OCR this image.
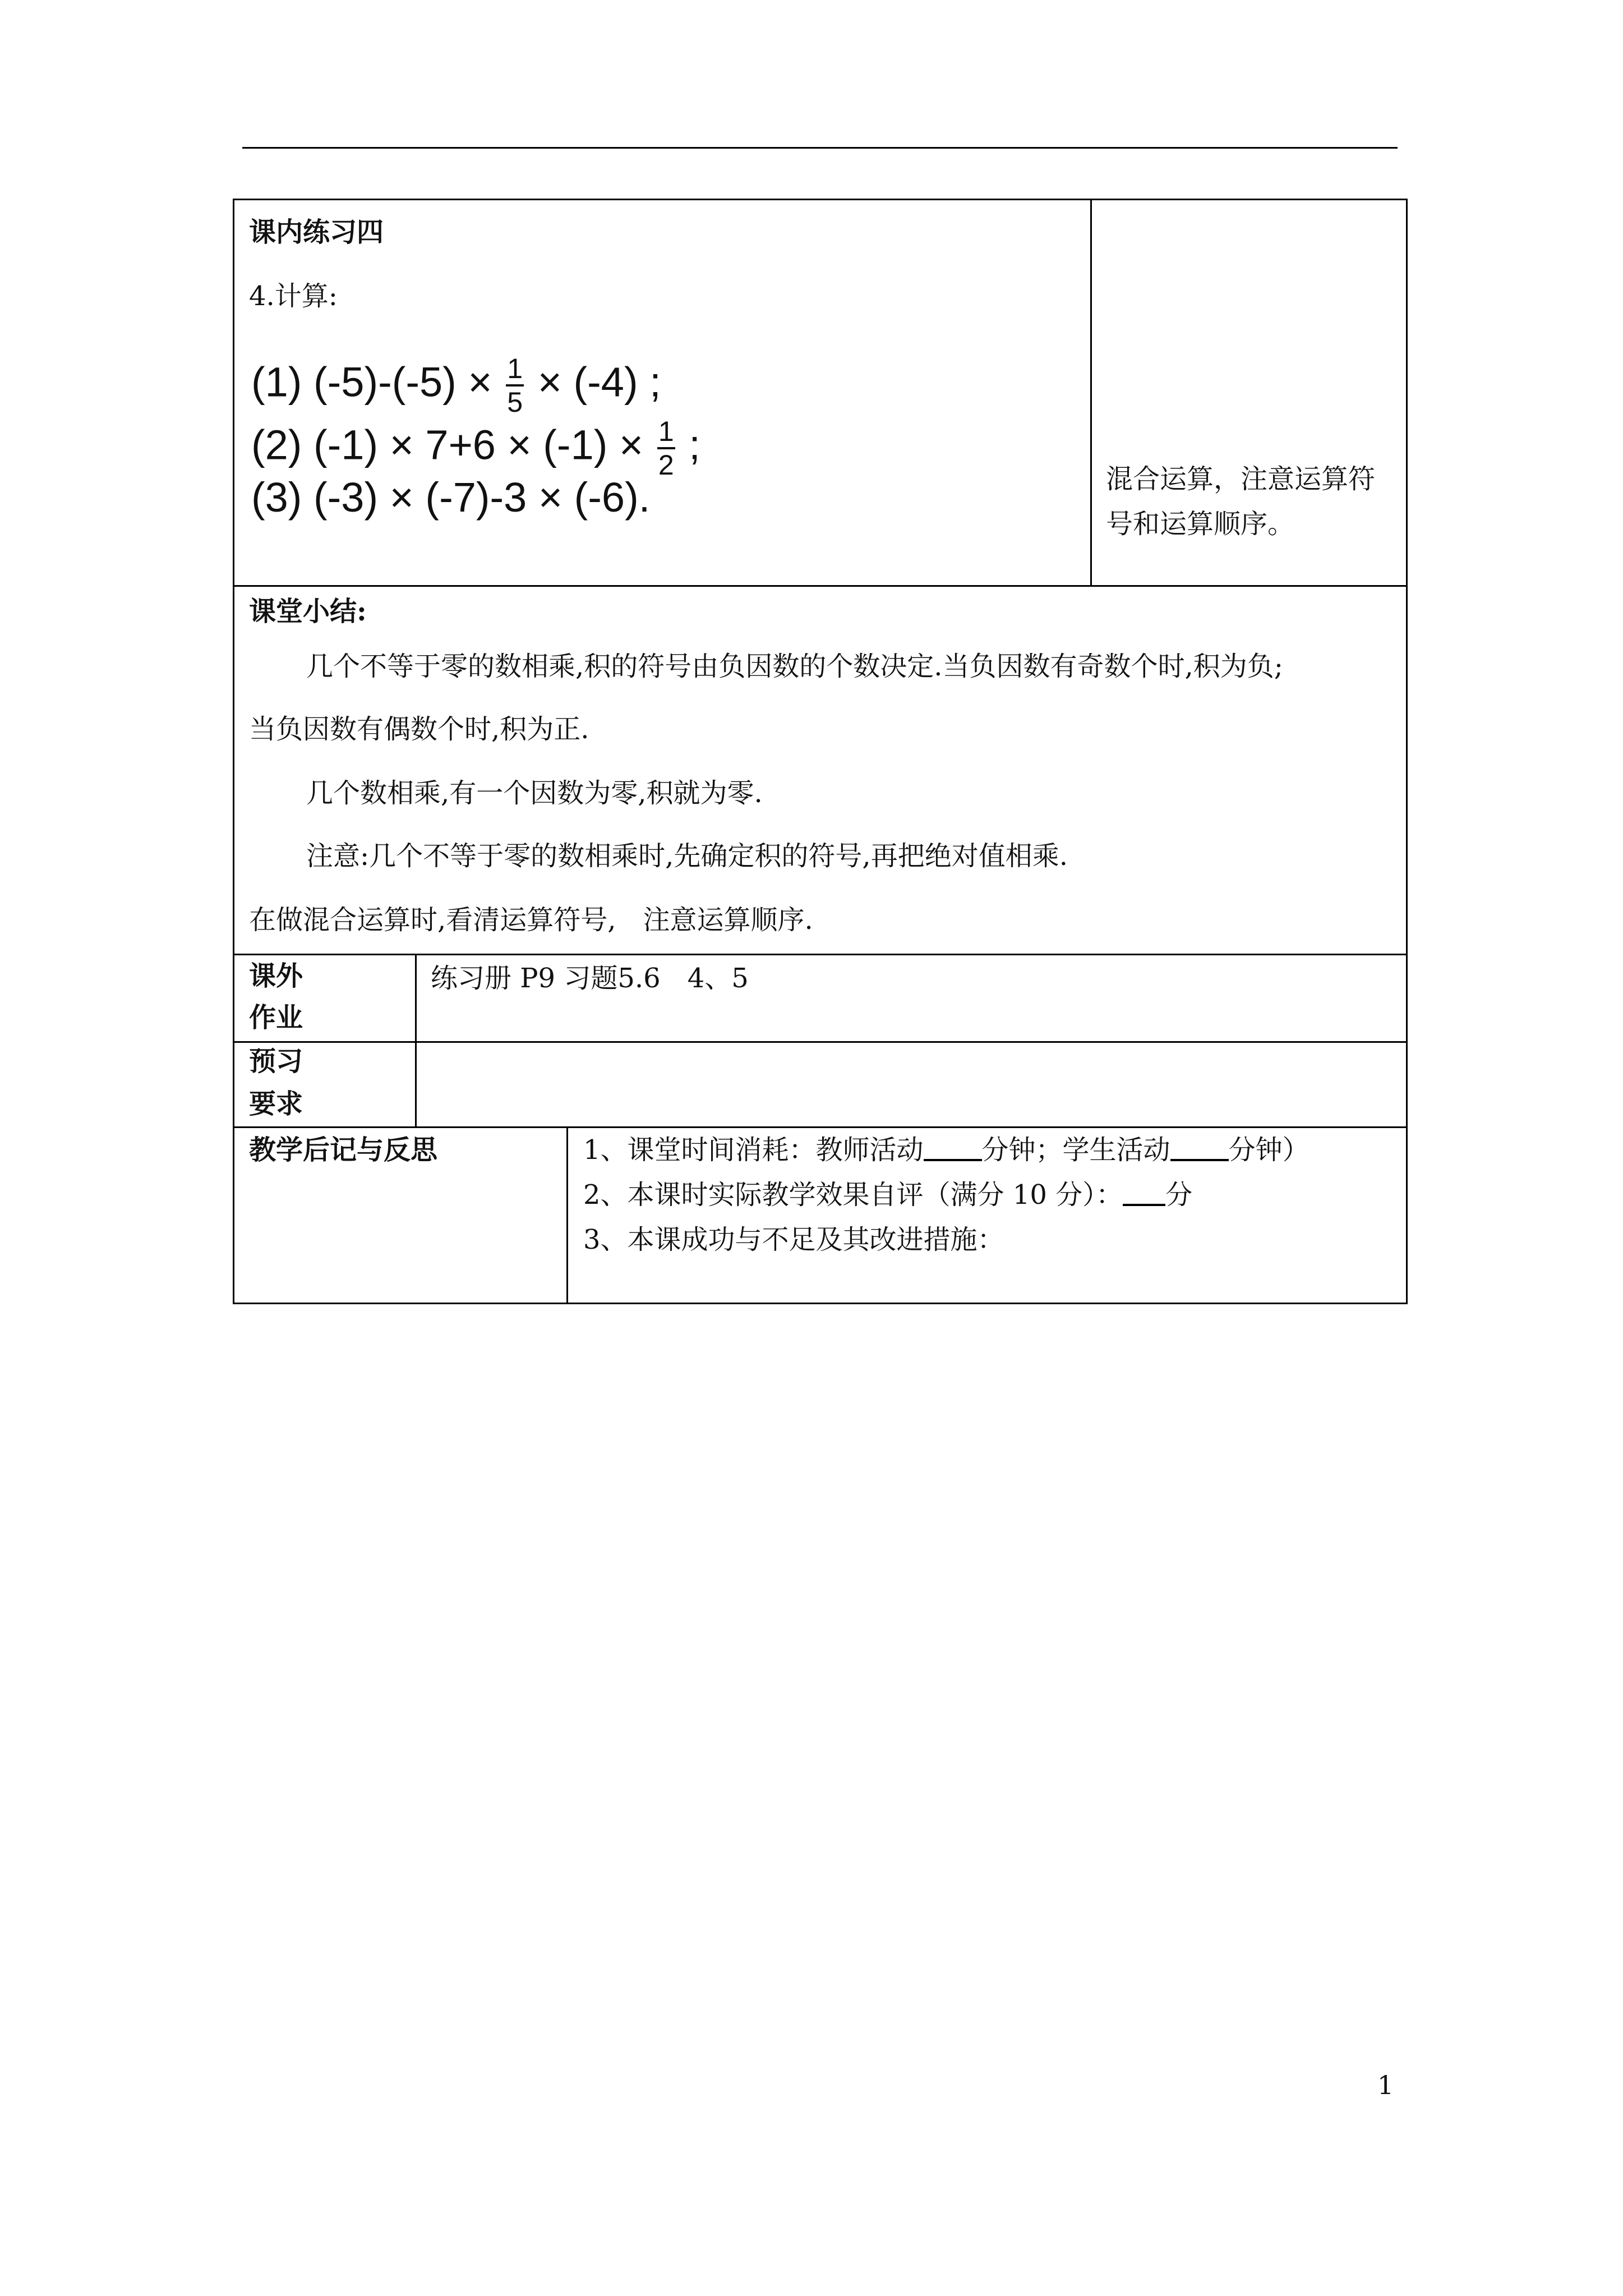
课内练习四
4.计算:
(1) $(-5)-(-5) \times \frac{1}{5} \times (-4)$ ;
(2) $(-1) \times 7+6 \times (-1) \times \frac{1}{2}$ ;
(3) (-3) × (-7)-3 × (-6).	混合运算，注意运算符
号和运算顺序。
课堂小结:
几个不等于零的数相乘,积的符号由负因数的个数决定.当负因数有奇数个时,积为负;
当负因数有偶数个时,积为正.
几个数相乘,有一个因数为零,积就为零.
注意:几个不等于零的数相乘时,先确定积的符号,再把绝对值相乘.
在做混合运算时,看清运算符号,　注意运算顺序.
课外
作业
练习册 P9 习题5.6　4、5
预习
要求
教学后记与反思	1、课堂时间消耗：教师活动 分钟；学生活动 分钟）
2、本课时实际教学效果自评（满分 10 分）： 分
3、本课成功与不足及其改进措施：
1
